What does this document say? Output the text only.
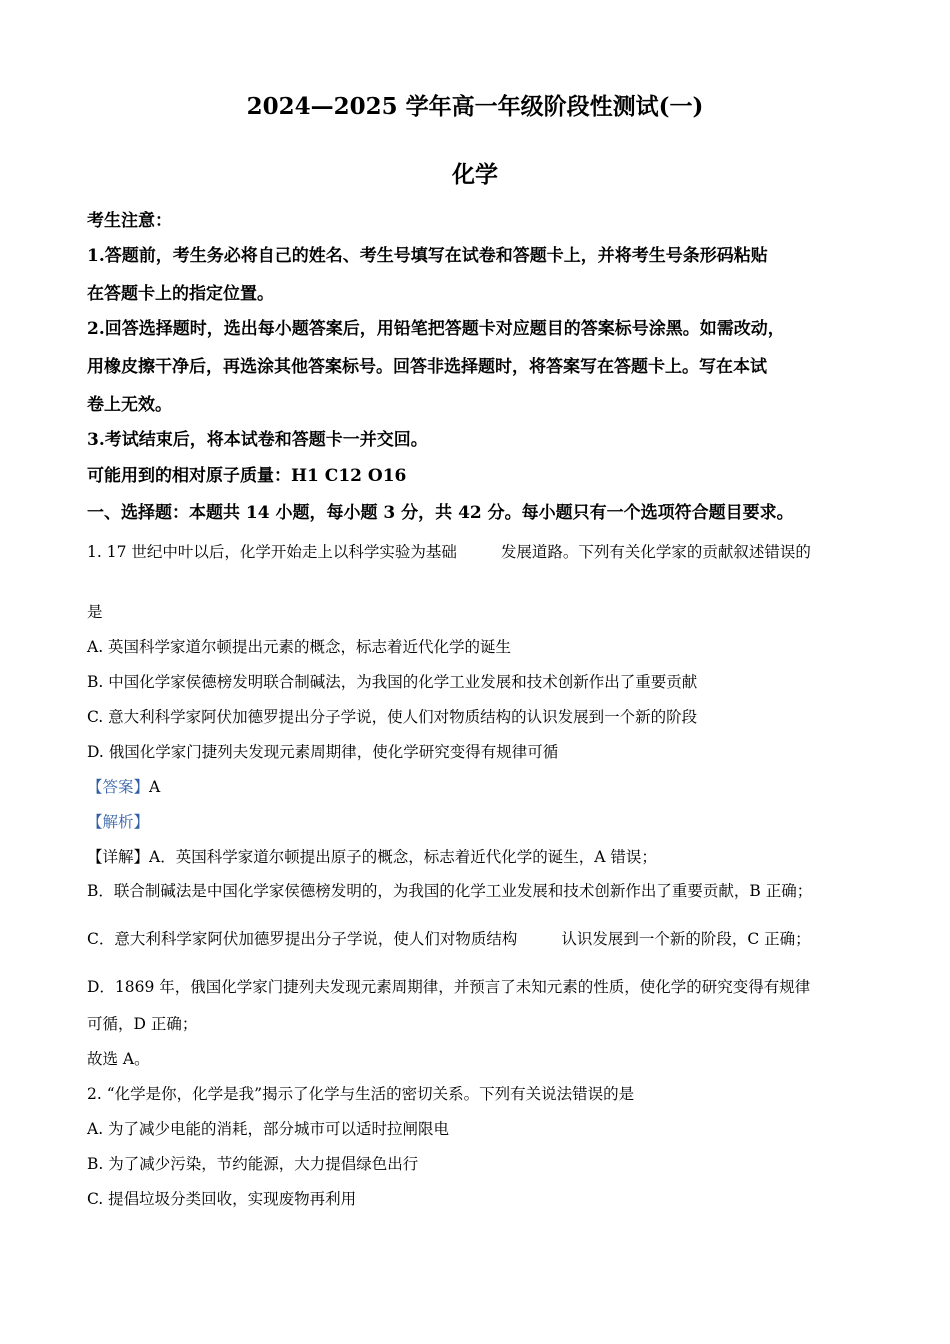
2024—2025 学年高一年级阶段性测试(一)
化学
考生注意：
1.答题前，考生务必将自己的姓名、考生号填写在试卷和答题卡上，并将考生号条形码粘贴
在答题卡上的指定位置。
2.回答选择题时，选出每小题答案后，用铅笔把答题卡对应题目的答案标号涂黑。如需改动，
用橡皮擦干净后，再选涂其他答案标号。回答非选择题时，将答案写在答题卡上。写在本试
卷上无效。
3.考试结束后，将本试卷和答题卡一并交回。
可能用到的相对原子质量：H1 C12 O16
一、选择题：本题共 14 小题，每小题 3 分，共 42 分。每小题只有一个选项符合题目要求。
1. 17 世纪中叶以后，化学开始走上以科学实验为基础	发展道路。下列有关化学家的贡献叙述错误的
是
A. 英国科学家道尔顿提出元素的概念，标志着近代化学的诞生
B. 中国化学家侯德榜发明联合制碱法，为我国的化学工业发展和技术创新作出了重要贡献
C. 意大利科学家阿伏加德罗提出分子学说，使人们对物质结构的认识发展到一个新的阶段
D. 俄国化学家门捷列夫发现元素周期律，使化学研究变得有规律可循
【答案】A
【解析】
【详解】A．英国科学家道尔顿提出原子的概念，标志着近代化学的诞生，A 错误；
B．联合制碱法是中国化学家侯德榜发明的，为我国的化学工业发展和技术创新作出了重要贡献，B 正确；
C．意大利科学家阿伏加德罗提出分子学说，使人们对物质结构	认识发展到一个新的阶段，C 正确；
D．1869 年，俄国化学家门捷列夫发现元素周期律，并预言了未知元素的性质，使化学的研究变得有规律
可循，D 正确；
故选 A。
2. “化学是你，化学是我”揭示了化学与生活的密切关系。下列有关说法错误的是
A. 为了减少电能的消耗，部分城市可以适时拉闸限电
B. 为了减少污染，节约能源，大力提倡绿色出行
C. 提倡垃圾分类回收，实现废物再利用
